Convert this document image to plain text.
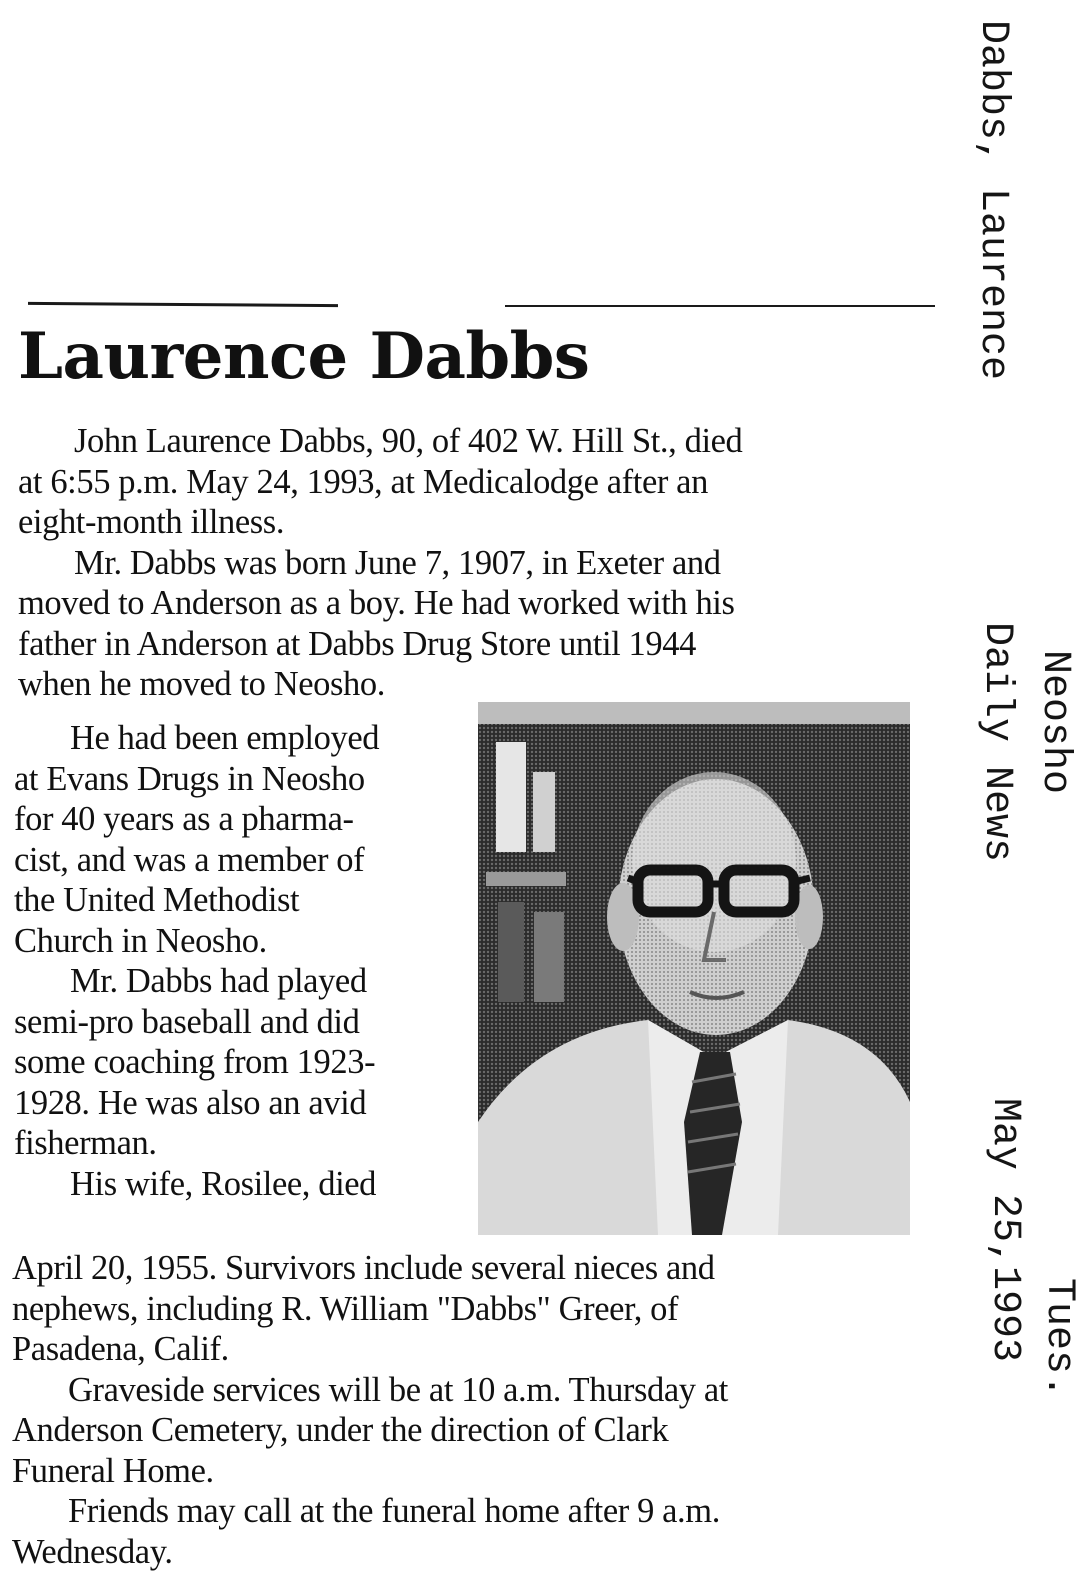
Laurence Dabbs

John Laurence Dabbs, 90, of 402 W. Hill St., died

at 6:55 p.m. May 24, 1993, at Medicalodge after an

eight-month illness.

Mr. Dabbs was born June 7, 1907, in Exeter and

moved to Anderson as a boy. He had worked with his

father in Anderson at Dabbs Drug Store until 1944

when he moved to Neosho.

He had been employed

at Evans Drugs in Neosho

for 40 years as a pharma-

cist, and was a member of

the United Methodist

Church in Neosho.

Mr. Dabbs had played

semi-pro baseball and did

some coaching from 1923-

1928. He was also an avid

fisherman.

His wife, Rosilee, died

April 20, 1955. Survivors include several nieces and

nephews, including R. William "Dabbs" Greer, of

Pasadena, Calif.

Graveside services will be at 10 a.m. Thursday at

Anderson Cemetery, under the direction of Clark

Funeral Home.

Friends may call at the funeral home after 9 a.m.

Wednesday.

Dabbs, Laurence
Neosho
Daily News
Tues.
May 25,1993
